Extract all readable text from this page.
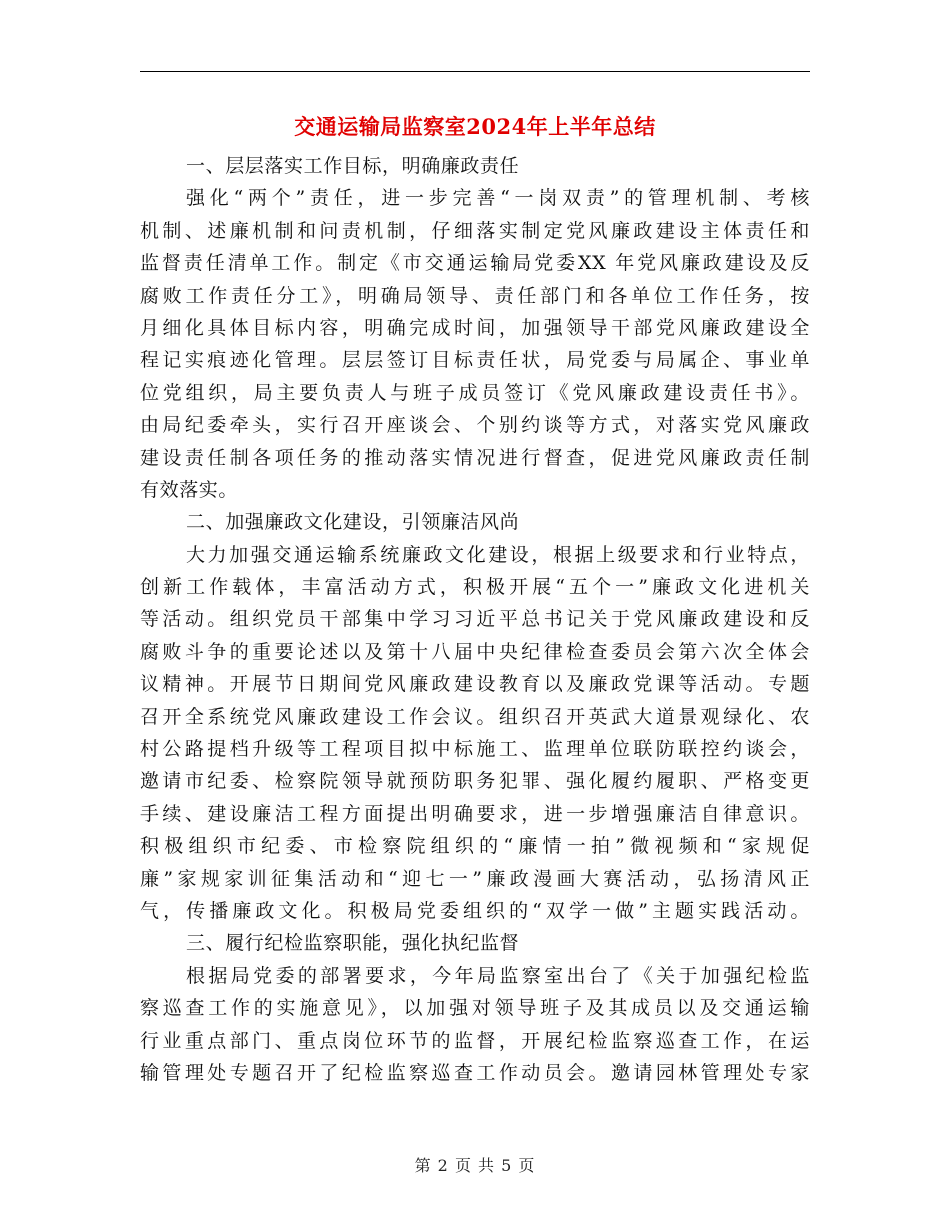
交通运输局监察室2024年上半年总结
一、层层落实工作目标，明确廉政责任
强化“两个”责任，进一步完善“一岗双责”的管理机制、考核
机制、述廉机制和问责机制，仔细落实制定党风廉政建设主体责任和
监督责任清单工作。制定《市交通运输局党委XX 年党风廉政建设及反
腐败工作责任分工》，明确局领导、责任部门和各单位工作任务，按
月细化具体目标内容，明确完成时间，加强领导干部党风廉政建设全
程记实痕迹化管理。层层签订目标责任状，局党委与局属企、事业单
位党组织，局主要负责人与班子成员签订《党风廉政建设责任书》。
由局纪委牵头，实行召开座谈会、个别约谈等方式，对落实党风廉政
建设责任制各项任务的推动落实情况进行督查，促进党风廉政责任制
有效落实。
二、加强廉政文化建设，引领廉洁风尚
大力加强交通运输系统廉政文化建设，根据上级要求和行业特点，
创新工作载体，丰富活动方式，积极开展“五个一”廉政文化进机关
等活动。组织党员干部集中学习习近平总书记关于党风廉政建设和反
腐败斗争的重要论述以及第十八届中央纪律检查委员会第六次全体会
议精神。开展节日期间党风廉政建设教育以及廉政党课等活动。专题
召开全系统党风廉政建设工作会议。组织召开英武大道景观绿化、农
村公路提档升级等工程项目拟中标施工、监理单位联防联控约谈会，
邀请市纪委、检察院领导就预防职务犯罪、强化履约履职、严格变更
手续、建设廉洁工程方面提出明确要求，进一步增强廉洁自律意识。
积极组织市纪委、市检察院组织的“廉情一拍”微视频和“家规促
廉”家规家训征集活动和“迎七一”廉政漫画大赛活动，弘扬清风正
气，传播廉政文化。积极局党委组织的“双学一做”主题实践活动。
三、履行纪检监察职能，强化执纪监督
根据局党委的部署要求，今年局监察室出台了《关于加强纪检监
察巡查工作的实施意见》，以加强对领导班子及其成员以及交通运输
行业重点部门、重点岗位环节的监督，开展纪检监察巡查工作，在运
输管理处专题召开了纪检监察巡查工作动员会。邀请园林管理处专家
第 2 页 共 5 页
